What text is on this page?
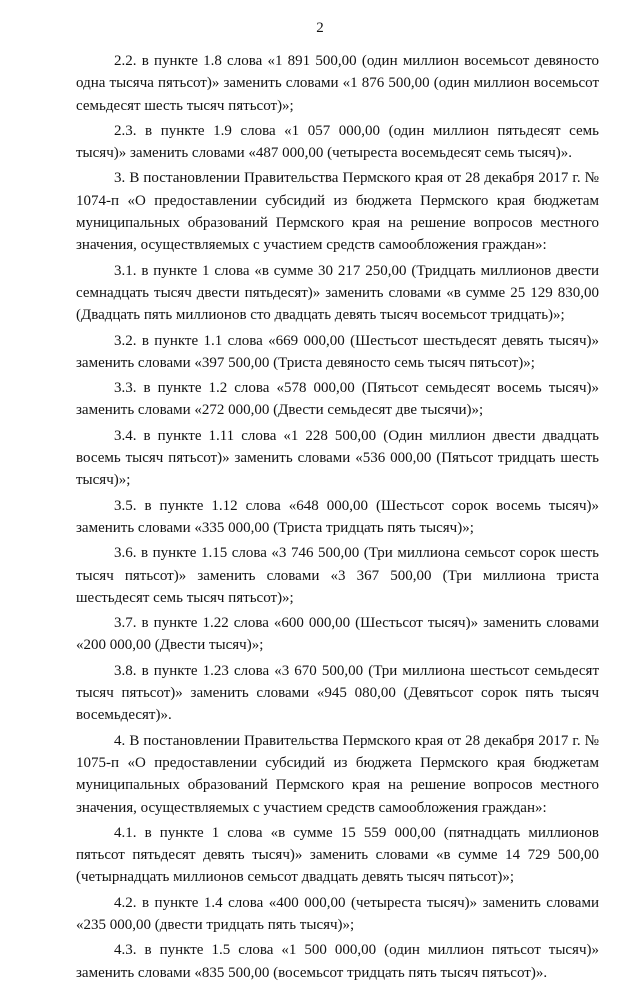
2

2.2. в пункте 1.8 слова «1 891 500,00 (один миллион восемьсот девяносто одна тысяча пятьсот)» заменить словами «1 876 500,00 (один миллион восемьсот семьдесят шесть тысяч пятьсот)»;

2.3. в пункте 1.9 слова «1 057 000,00 (один миллион пятьдесят семь тысяч)» заменить словами «487 000,00 (четыреста восемьдесят семь тысяч)».

3. В постановлении Правительства Пермского края от 28 декабря 2017 г. № 1074-п «О предоставлении субсидий из бюджета Пермского края бюджетам муниципальных образований Пермского края на решение вопросов местного значения, осуществляемых с участием средств самообложения граждан»:

3.1. в пункте 1 слова «в сумме 30 217 250,00 (Тридцать миллионов двести семнадцать тысяч двести пятьдесят)» заменить словами «в сумме 25 129 830,00 (Двадцать пять миллионов сто двадцать девять тысяч восемьсот тридцать)»;

3.2. в пункте 1.1 слова «669 000,00 (Шестьсот шестьдесят девять тысяч)» заменить словами «397 500,00 (Триста девяносто семь тысяч пятьсот)»;

3.3. в пункте 1.2 слова «578 000,00 (Пятьсот семьдесят восемь тысяч)» заменить словами «272 000,00 (Двести семьдесят две тысячи)»;

3.4. в пункте 1.11 слова «1 228 500,00 (Один миллион двести двадцать восемь тысяч пятьсот)» заменить словами «536 000,00 (Пятьсот тридцать шесть тысяч)»;

3.5. в пункте 1.12 слова «648 000,00 (Шестьсот сорок восемь тысяч)» заменить словами «335 000,00 (Триста тридцать пять тысяч)»;

3.6. в пункте 1.15 слова «3 746 500,00 (Три миллиона семьсот сорок шесть тысяч пятьсот)» заменить словами «3 367 500,00 (Три миллиона триста шестьдесят семь тысяч пятьсот)»;

3.7. в пункте 1.22 слова «600 000,00 (Шестьсот тысяч)» заменить словами «200 000,00 (Двести тысяч)»;

3.8. в пункте 1.23 слова «3 670 500,00 (Три миллиона шестьсот семьдесят тысяч пятьсот)» заменить словами «945 080,00 (Девятьсот сорок пять тысяч восемьдесят)».

4. В постановлении Правительства Пермского края от 28 декабря 2017 г. № 1075-п «О предоставлении субсидий из бюджета Пермского края бюджетам муниципальных образований Пермского края на решение вопросов местного значения, осуществляемых с участием средств самообложения граждан»:

4.1. в пункте 1 слова «в сумме 15 559 000,00 (пятнадцать миллионов пятьсот пятьдесят девять тысяч)» заменить словами «в сумме 14 729 500,00 (четырнадцать миллионов семьсот двадцать девять тысяч пятьсот)»;

4.2. в пункте 1.4 слова «400 000,00 (четыреста тысяч)» заменить словами «235 000,00 (двести тридцать пять тысяч)»;

4.3. в пункте 1.5 слова «1 500 000,00 (один миллион пятьсот тысяч)» заменить словами «835 500,00 (восемьсот тридцать пять тысяч пятьсот)».
